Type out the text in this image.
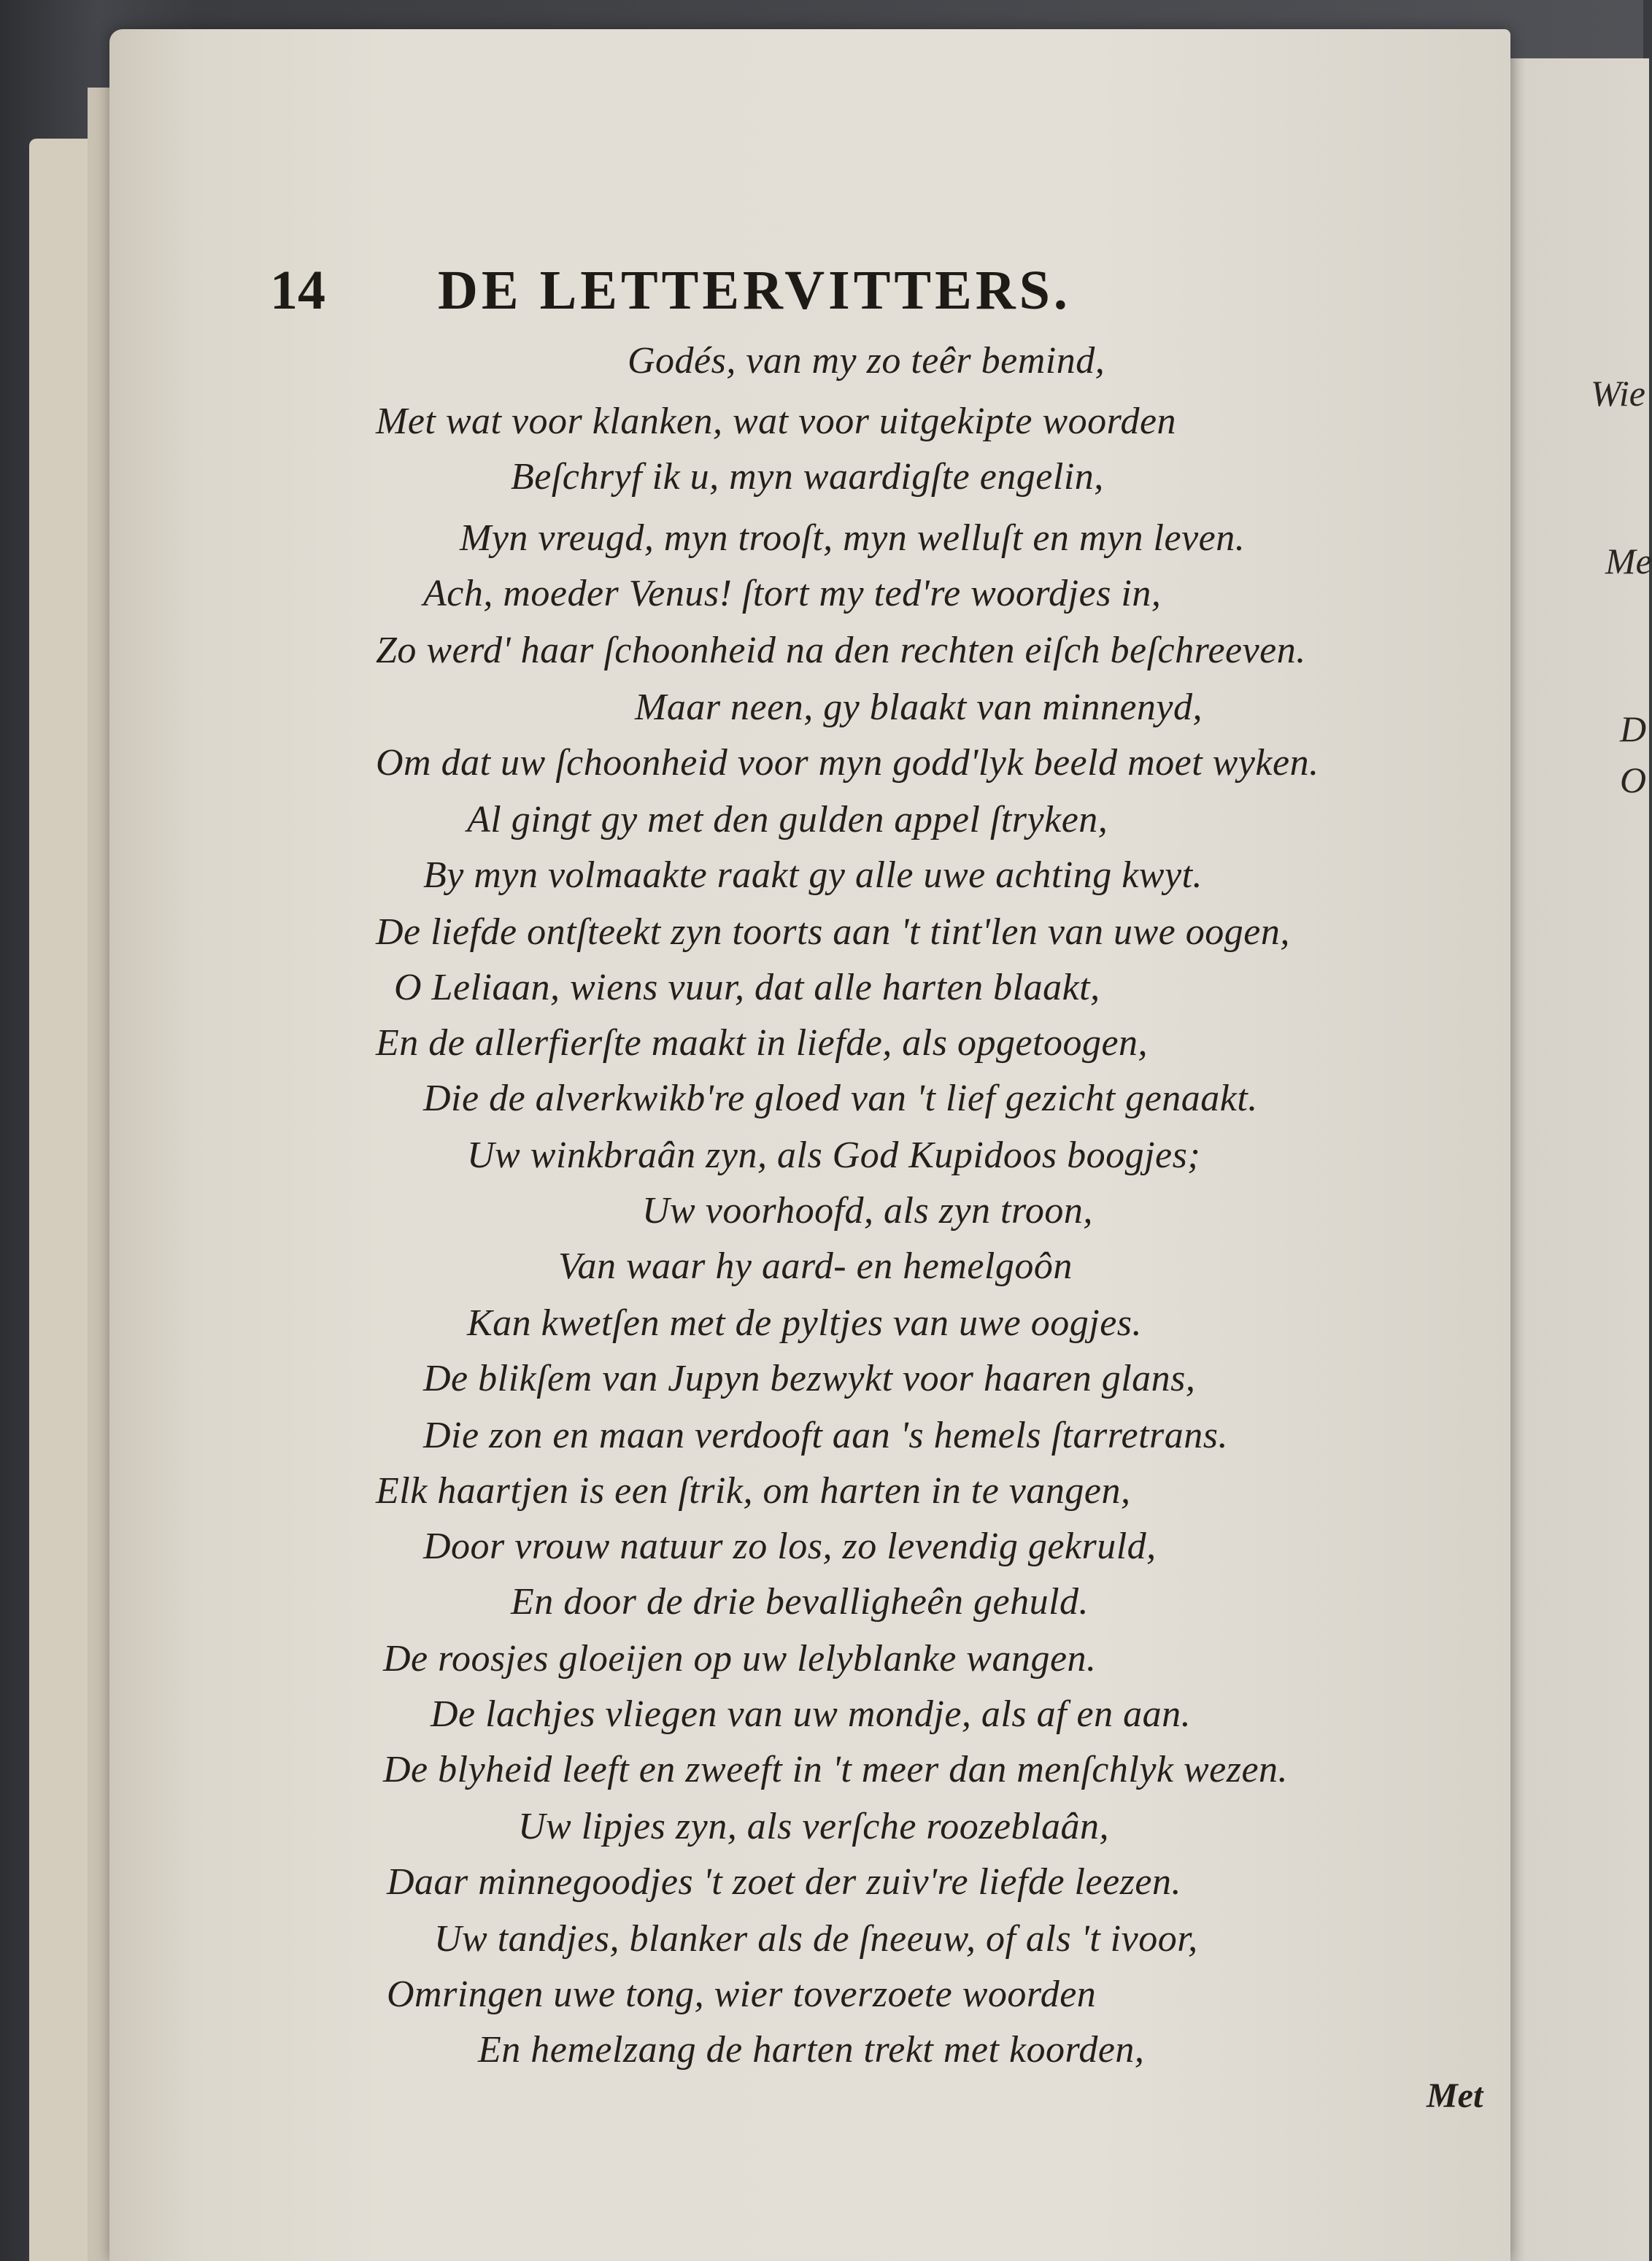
Wie
Me
D
O
14 DE LETTERVITTERS.
Godés, van my zo teêr bemind,
Met wat voor klanken, wat voor uitgekipte woorden
Beſchryf ik u, myn waardigſte engelin,
Myn vreugd, myn trooſt, myn welluſt en myn leven.
Ach, moeder Venus! ſtort my ted're woordjes in,
Zo werd' haar ſchoonheid na den rechten eiſch beſchreeven.
Maar neen, gy blaakt van minnenyd,
Om dat uw ſchoonheid voor myn godd'lyk beeld moet wyken.
Al gingt gy met den gulden appel ſtryken,
By myn volmaakte raakt gy alle uwe achting kwyt.
De liefde ontſteekt zyn toorts aan 't tint'len van uwe oogen,
O Leliaan, wiens vuur, dat alle harten blaakt,
En de allerfierſte maakt in liefde, als opgetoogen,
Die de alverkwikb're gloed van 't lief gezicht genaakt.
Uw winkbraân zyn, als God Kupidoos boogjes;
Uw voorhoofd, als zyn troon,
Van waar hy aard- en hemelgoôn
Kan kwetſen met de pyltjes van uwe oogjes.
De blikſem van Jupyn bezwykt voor haaren glans,
Die zon en maan verdooft aan 's hemels ſtarretrans.
Elk haartjen is een ſtrik, om harten in te vangen,
Door vrouw natuur zo los, zo levendig gekruld,
En door de drie bevalligheên gehuld.
De roosjes gloeijen op uw lelyblanke wangen.
De lachjes vliegen van uw mondje, als af en aan.
De blyheid leeft en zweeft in 't meer dan menſchlyk wezen.
Uw lipjes zyn, als verſche roozeblaân,
Daar minnegoodjes 't zoet der zuiv're liefde leezen.
Uw tandjes, blanker als de ſneeuw, of als 't ivoor,
Omringen uwe tong, wier toverzoete woorden
En hemelzang de harten trekt met koorden,
Met
